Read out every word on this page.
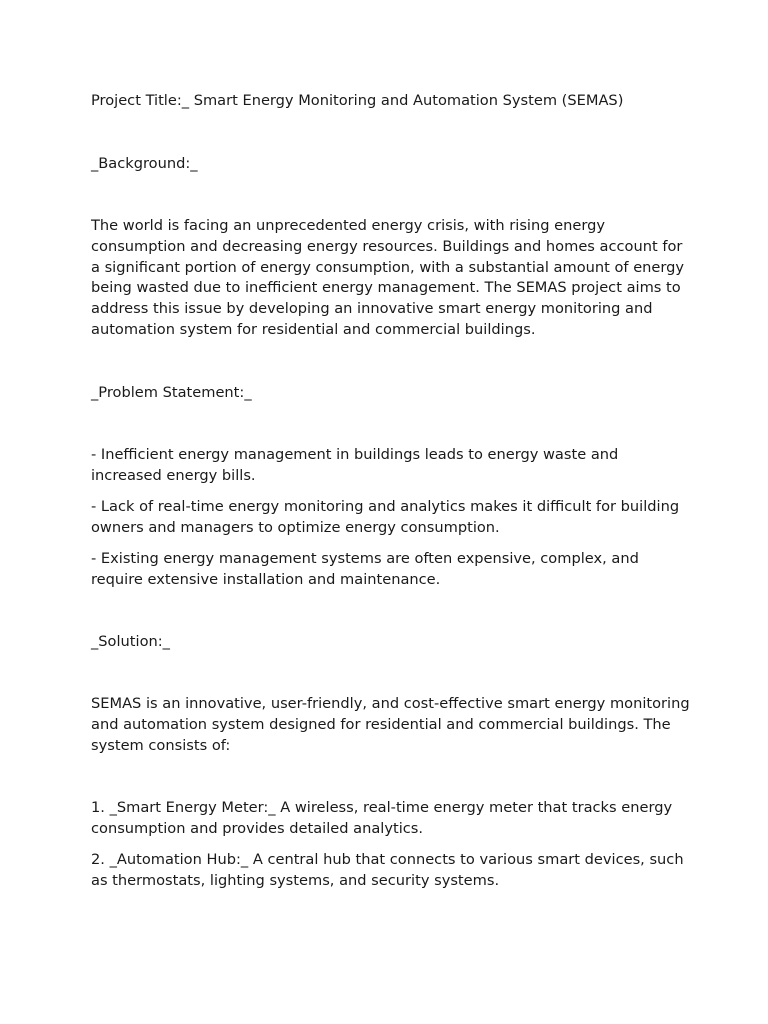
Project Title:_ Smart Energy Monitoring and Automation System (SEMAS)

_Background:_

The world is facing an unprecedented energy crisis, with rising energy consumption and decreasing energy resources. Buildings and homes account for a significant portion of energy consumption, with a substantial amount of energy being wasted due to inefficient energy management. The SEMAS project aims to address this issue by developing an innovative smart energy monitoring and automation system for residential and commercial buildings.

_Problem Statement:_

- Inefficient energy management in buildings leads to energy waste and increased energy bills.

- Lack of real-time energy monitoring and analytics makes it difficult for building owners and managers to optimize energy consumption.

- Existing energy management systems are often expensive, complex, and require extensive installation and maintenance.

_Solution:_

SEMAS is an innovative, user-friendly, and cost-effective smart energy monitoring and automation system designed for residential and commercial buildings. The system consists of:

1. _Smart Energy Meter:_ A wireless, real-time energy meter that tracks energy consumption and provides detailed analytics.

2. _Automation Hub:_ A central hub that connects to various smart devices, such as thermostats, lighting systems, and security systems.
